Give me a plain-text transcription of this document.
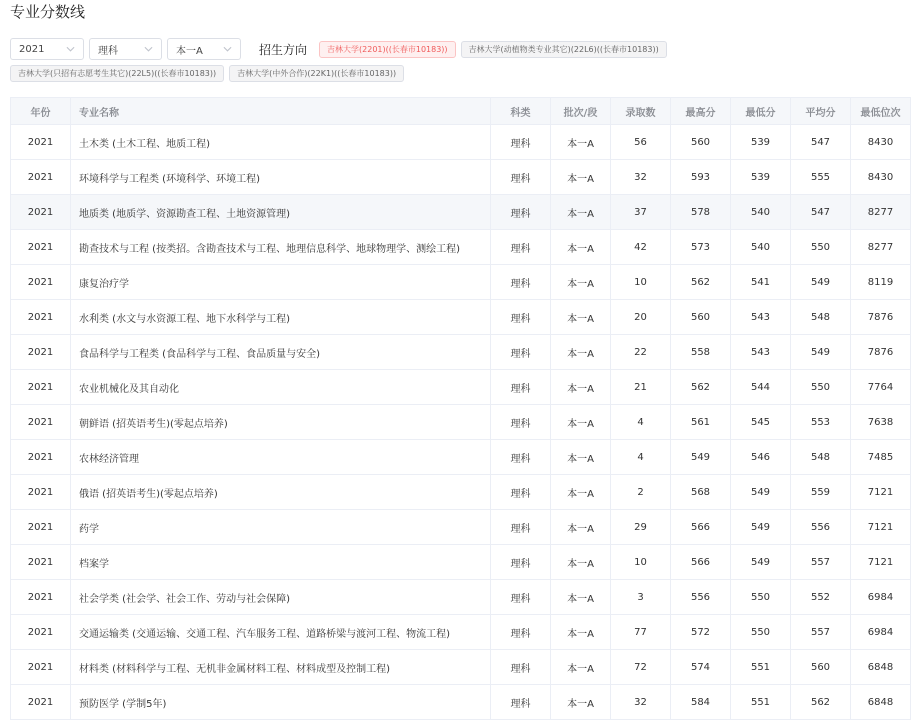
专业分数线
2021	理科	本一A	招生方向	吉林大学(2201)((长春市10183))	吉林大学(动植物类专业其它)(22L6)((长春市10183))
吉林大学(只招有志愿考生其它)(22L5)((长春市10183))	吉林大学(中外合作)(22K1)((长春市10183))
年份	专业名称	科类	批次/段	录取数	最高分	最低分	平均分	最低位次
2021	土木类 (土木工程、地质工程)	理科	本一A	56	560	539	547	8430
2021	环境科学与工程类 (环境科学、环境工程)	理科	本一A	32	593	539	555	8430
2021	地质类 (地质学、资源勘查工程、土地资源管理)	理科	本一A	37	578	540	547	8277
2021	勘查技术与工程 (按类招。含勘查技术与工程、地理信息科学、地球物理学、测绘工程)	理科	本一A	42	573	540	550	8277
2021	康复治疗学	理科	本一A	10	562	541	549	8119
2021	水利类 (水文与水资源工程、地下水科学与工程)	理科	本一A	20	560	543	548	7876
2021	食品科学与工程类 (食品科学与工程、食品质量与安全)	理科	本一A	22	558	543	549	7876
2021	农业机械化及其自动化	理科	本一A	21	562	544	550	7764
2021	朝鲜语 (招英语考生)(零起点培养)	理科	本一A	4	561	545	553	7638
2021	农林经济管理	理科	本一A	4	549	546	548	7485
2021	俄语 (招英语考生)(零起点培养)	理科	本一A	2	568	549	559	7121
2021	药学	理科	本一A	29	566	549	556	7121
2021	档案学	理科	本一A	10	566	549	557	7121
2021	社会学类 (社会学、社会工作、劳动与社会保障)	理科	本一A	3	556	550	552	6984
2021	交通运输类 (交通运输、交通工程、汽车服务工程、道路桥梁与渡河工程、物流工程)	理科	本一A	77	572	550	557	6984
2021	材料类 (材料科学与工程、无机非金属材料工程、材料成型及控制工程)	理科	本一A	72	574	551	560	6848
2021	预防医学 (学制5年)	理科	本一A	32	584	551	562	6848
